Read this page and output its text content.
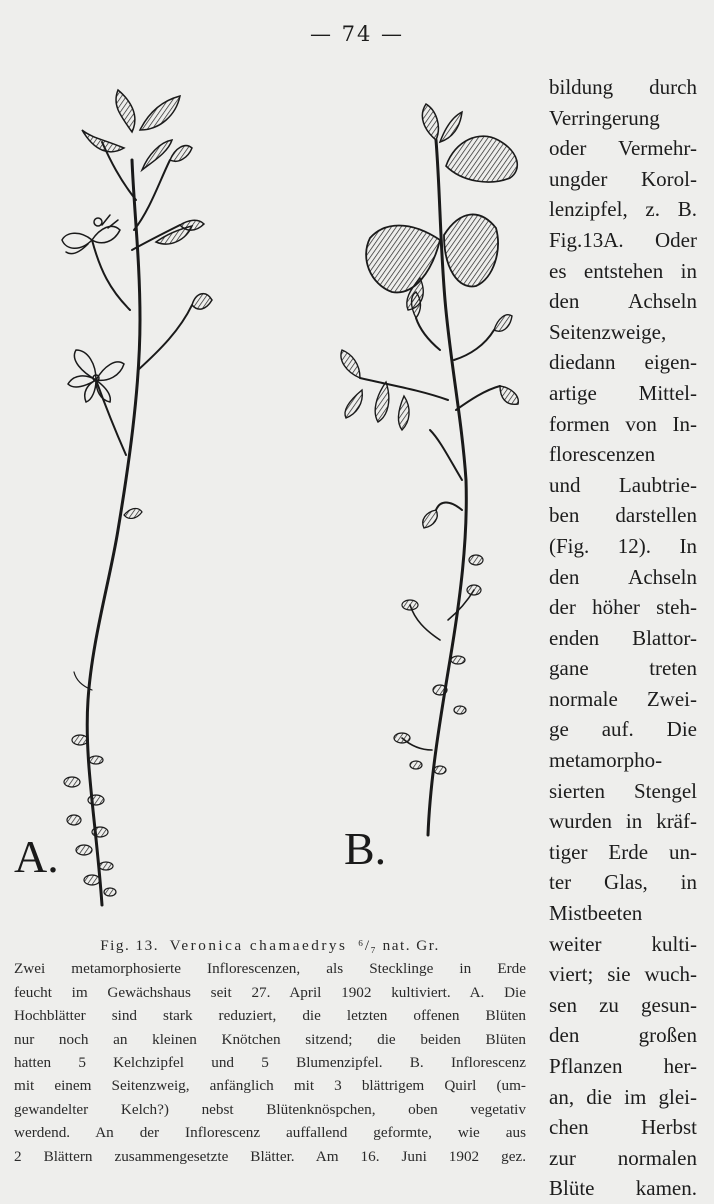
— 74 —
A.	B.
bildung durch
Verringerung
oder Vermehr-
ungder Korol-
lenzipfel, z. B.
Fig.13A. Oder
es entstehen in
den Achseln
Seitenzweige,
diedann eigen-
artige Mittel-
formen von In-
florescenzen
und Laubtrie-
ben darstellen
(Fig. 12). In
den Achseln
der höher steh-
enden Blattor-
gane treten
normale Zwei-
ge auf. Die
metamorpho-
sierten Stengel
wurden in kräf-
tiger Erde un-
ter Glas, in
Mistbeeten
weiter kulti-
viert; sie wuch-
sen zu gesun-
den großen
Pflanzen her-
an, die im glei-
chen Herbst
zur normalen
Blüte kamen.
Fig. 13. Veronica chamaedrys ⁶/₇ nat. Gr.
Zwei metamorphosierte Inflorescenzen, als Stecklinge in Erde
feucht im Gewächshaus seit 27. April 1902 kultiviert. A. Die
Hochblätter sind stark reduziert, die letzten offenen Blüten
nur noch an kleinen Knötchen sitzend; die beiden Blüten
hatten 5 Kelchzipfel und 5 Blumenzipfel. B. Inflorescenz
mit einem Seitenzweig, anfänglich mit 3 blättrigem Quirl (um-
gewandelter Kelch?) nebst Blütenknöspchen, oben vegetativ
werdend. An der Inflorescenz auffallend geformte, wie aus
2 Blättern zusammengesetzte Blätter. Am 16. Juni 1902 gez.
